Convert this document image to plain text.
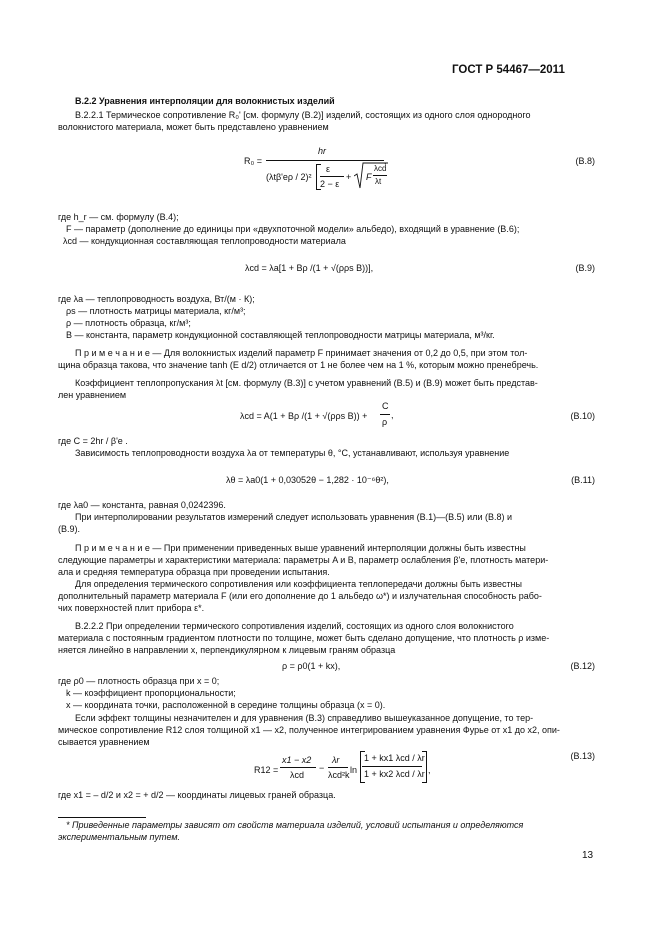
ГОСТ Р 54467—2011
B.2.2 Уравнения интерполяции для волокнистых изделий
B.2.2.1 Термическое сопротивление R₀' [см. формулу (B.2)] изделий, состоящих из одного слоя однородного
волокнистого материала, может быть представлено уравнением
R₀ =
hr
(λtβ'eρ / 2)²
ε
2 − ε
+ F
λcd
λt
,	(B.8)
где h_r — см. формулу (B.4);
F — параметр (дополнение до единицы при «двухпоточной модели» альбедо), входящий в уравнение (B.6);
λcd — кондукционная составляющая теплопроводности материала
λcd = λa[1 + Bρ /(1 + √(ρρs B))],	(B.9)
где λa — теплопроводность воздуха, Вт/(м · К);
ρs — плотность матрицы материала, кг/м³;
ρ — плотность образца, кг/м³;
B — константа, параметр кондукционной составляющей теплопроводности матрицы материала, м³/кг.
П р и м е ч а н и е — Для волокнистых изделий параметр F принимает значения от 0,2 до 0,5, при этом тол-
щина образца такова, что значение tanh (E d/2) отличается от 1 не более чем на 1 %, которым можно пренебречь.
Коэффициент теплопропускания λt [см. формулу (B.3)] с учетом уравнений (B.5) и (B.9) может быть представ-
лен уравнением
λcd = A(1 + Bρ /(1 + √(ρρs B)) +
C
ρ
,	(B.10)
где C = 2hr / β'e .
Зависимость теплопроводности воздуха λa от температуры θ, °C, устанавливают, используя уравнение
λθ = λa0(1 + 0,03052θ − 1,282 · 10⁻⁶θ²),	(B.11)
где λa0 — константа, равная 0,0242396.
При интерполировании результатов измерений следует использовать уравнения (B.1)—(B.5) или (B.8) и
(B.9).
П р и м е ч а н и е — При применении приведенных выше уравнений интерполяции должны быть известны
следующие параметры и характеристики материала: параметры A и B, параметр ослабления β'e, плотность матери-
ала и средняя температура образца при проведении испытания.
Для определения термического сопротивления или коэффициента теплопередачи должны быть известны
дополнительный параметр материала F (или его дополнение до 1 альбедо ω*) и излучательная способность рабо-
чих поверхностей плит прибора ε*.
B.2.2.2 При определении термического сопротивления изделий, состоящих из одного слоя волокнистого
материала с постоянным градиентом плотности по толщине, может быть сделано допущение, что плотность ρ изме-
няется линейно в направлении x, перпендикулярном к лицевым граням образца
ρ = ρ0(1 + kx),	(B.12)
где ρ0 — плотность образца при x = 0;
k — коэффициент пропорциональности;
x — координата точки, расположенной в середине толщины образца (x = 0).
Если эффект толщины незначителен и для уравнения (B.3) справедливо вышеуказанное допущение, то тер-
мическое сопротивление R12 слоя толщиной x1 — x2, полученное интегрированием уравнения Фурье от x1 до x2, опи-
сывается уравнением
R12 =
x1 − x2
λcd
−
λr
λcd²k ln
1 + kx1 λcd / λr
1 + kx2 λcd / λr ,
(B.13)
где x1 = – d/2 и x2 = + d/2 — координаты лицевых граней образца.
* Приведенные параметры зависят от свойств материала изделий, условий испытания и определяются
экспериментальным путем.
13
